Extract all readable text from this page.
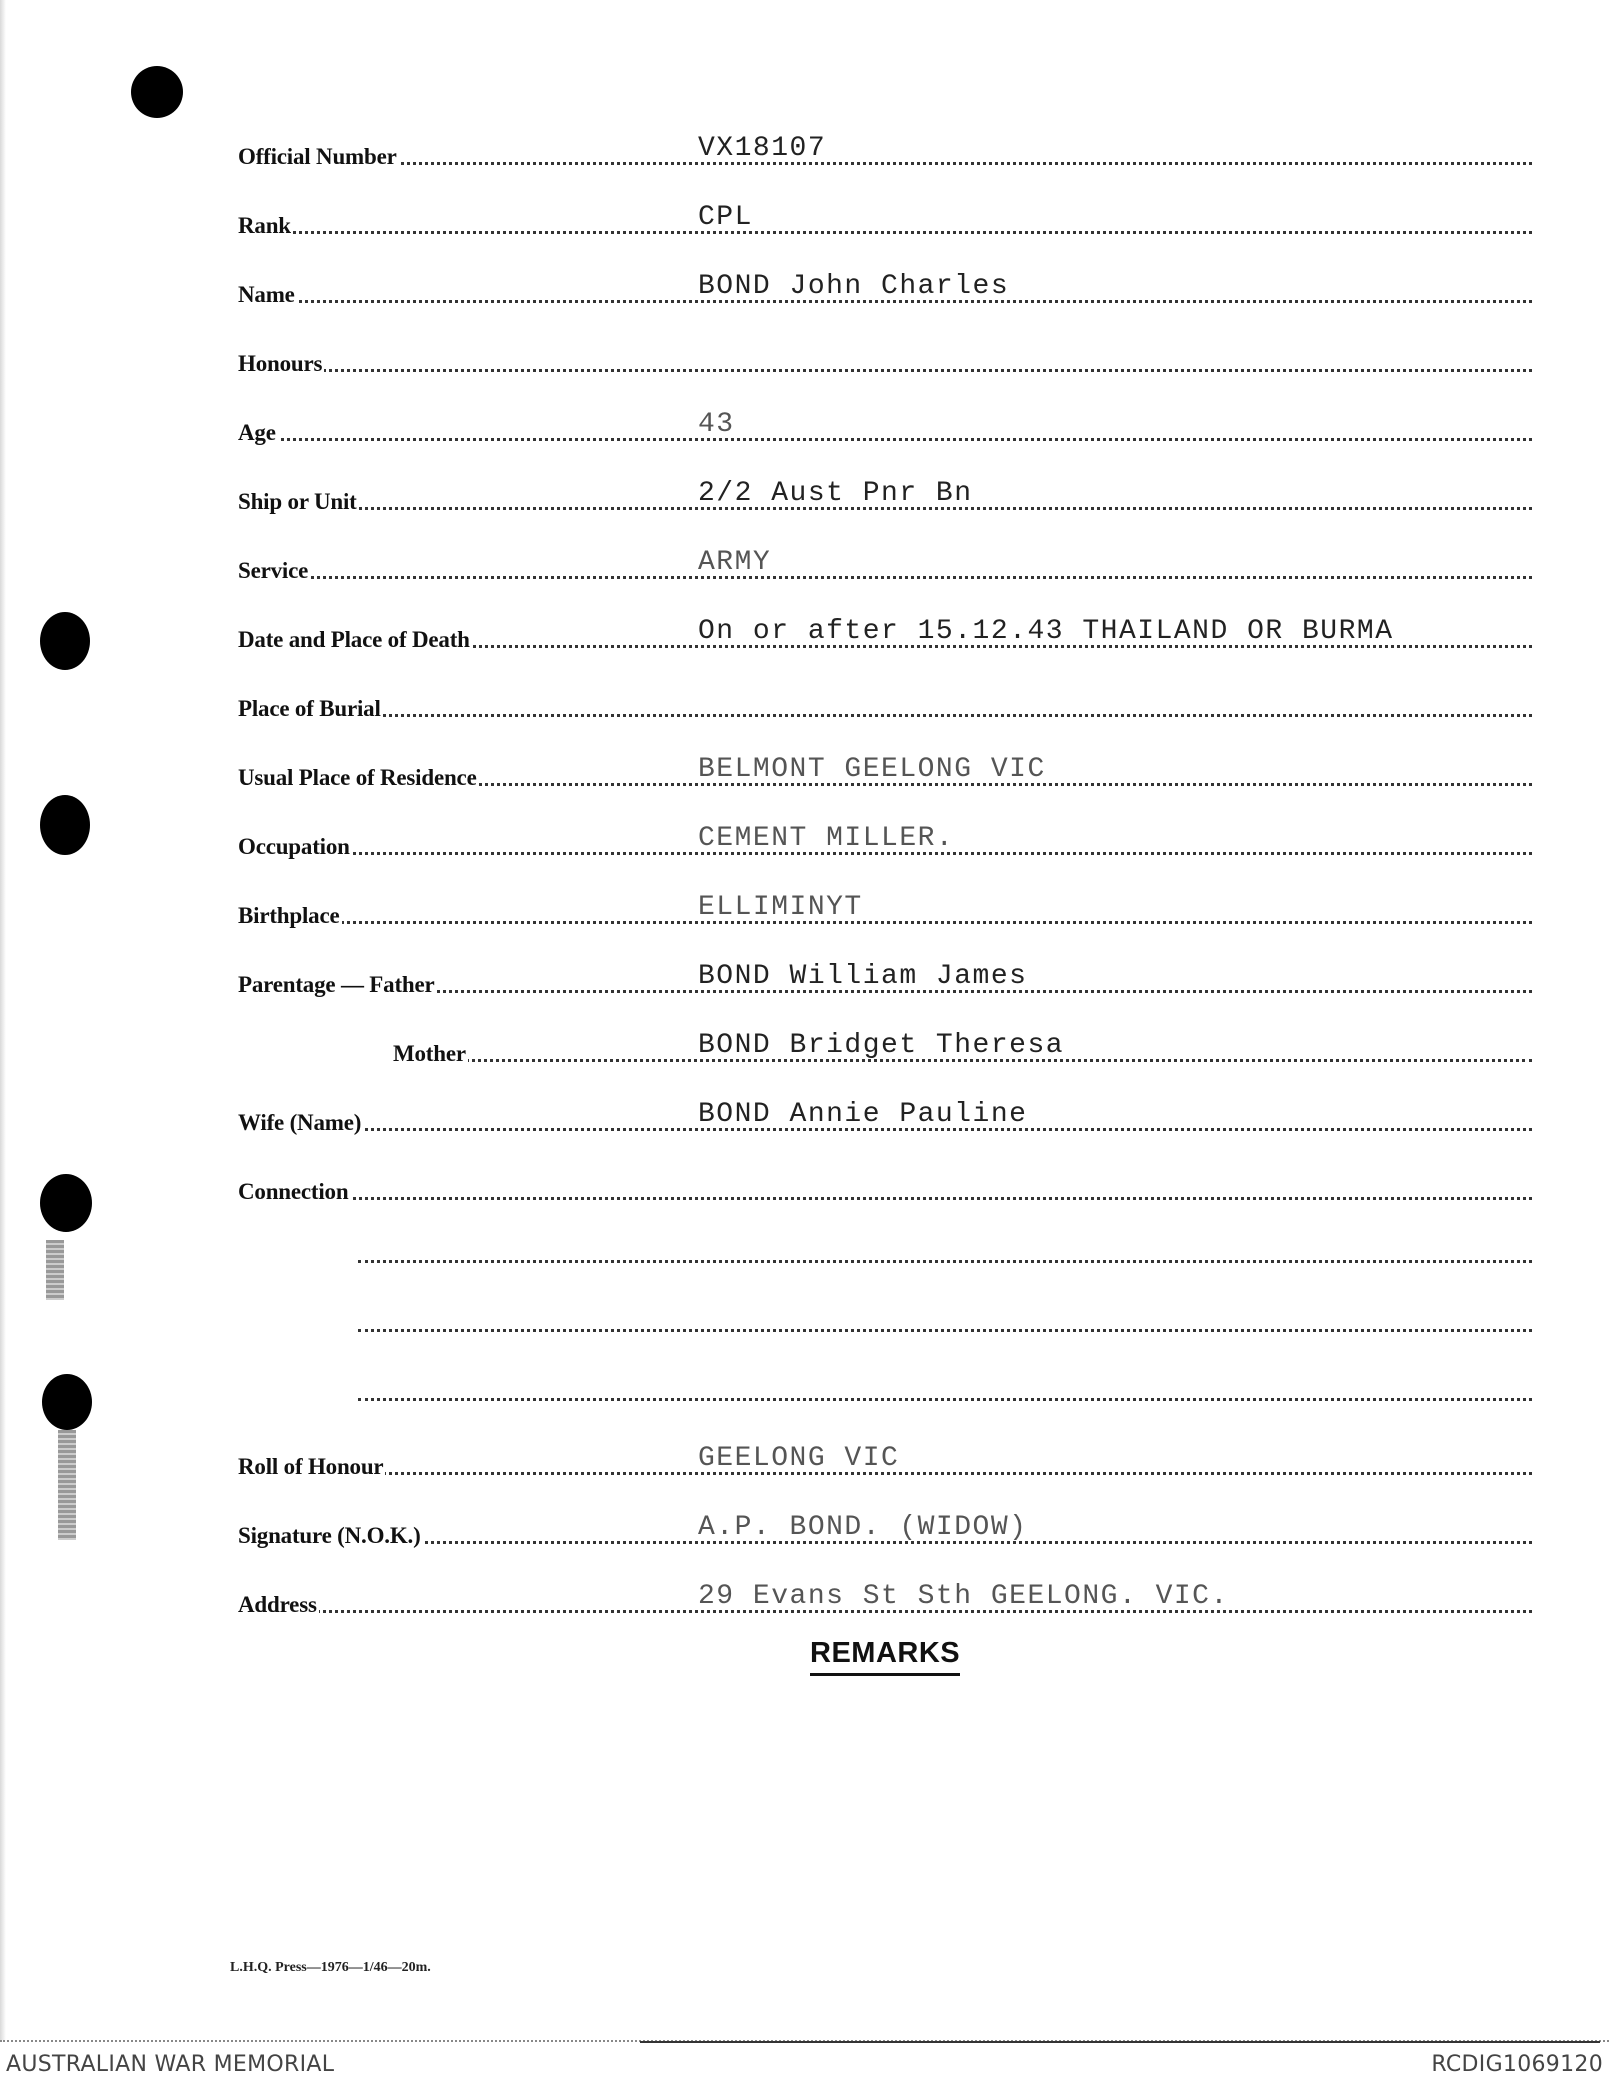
Official Number	VX18107
Rank	CPL
Name	BOND John Charles
Honours
Age	43
Ship or Unit	2/2 Aust Pnr Bn
Service	ARMY
Date and Place of Death	On or after 15.12.43 THAILAND OR BURMA
Place of Burial
Usual Place of Residence	BELMONT GEELONG VIC
Occupation	CEMENT MILLER.
Birthplace	ELLIMINYT
Parentage — Father	BOND William James
Mother	BOND Bridget Theresa
Wife (Name)	BOND Annie Pauline
Connection
Roll of Honour	GEELONG VIC
Signature (N.O.K.)	A.P. BOND. (WIDOW)
Address	29 Evans St Sth GEELONG. VIC.
REMARKS
L.H.Q. Press—1976—1/46—20m.
AUSTRALIAN WAR MEMORIAL	RCDIG1069120
